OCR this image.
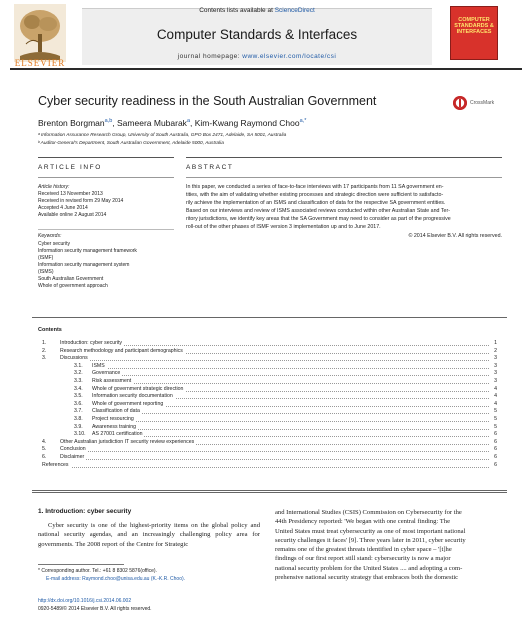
ELSEVIER
Contents lists available at ScienceDirect
Computer Standards & Interfaces
journal homepage: www.elsevier.com/locate/csi
COMPUTER STANDARDS & INTERFACES
Cyber security readiness in the South Australian Government	CrossMark
Brenton Borgman$^{a,b}$, Sameera Mubarak$^a$, Kim-Kwang Raymond Choo$^{a,*}$
ᵃ Information Assurance Research Group, University of South Australia, GPO Box 2471, Adelaide, SA 5001, Australia
ᵇ Auditor-General's Department, South Australian Government, Adelaide 5000, Australia
ARTICLE INFO	ABSTRACT
Article history:
Received 13 November 2013
Received in revised form 29 May 2014
Accepted 4 June 2014
Available online 2 August 2014
Keywords:
Cyber security
Information security management framework
(ISMF)
Information security management system
(ISMS)
South Australian Government
Whole of government approach
In this paper, we conducted a series of face-to-face interviews with 17 participants from 11 SA government en-
tities, with the aim of validating whether existing processes and strategic direction were sufficient to satisfacto-
rily achieve the implementation of an ISMS and classification of data for the respective SA government entities.
Based on our interviews and review of ISMS associated reviews conducted within other Australian State and Ter-
ritory jurisdictions, we identify key areas that the SA Government may need to consider as part of the progressive
roll-out of the other phases of ISMF version 3 implementation up and to June 2017.
© 2014 Elsevier B.V. All rights reserved.
Contents
1.	Introduction: cyber security	1
2.	Research methodology and participant demographics	2
3.	Discussions	3
3.1. ISMS	3
3.2. Governance	3
3.3. Risk assessment	3
3.4. Whole of government strategic direction	4
3.5. Information security documentation	4
3.6. Whole of government reporting	4
3.7. Classification of data	5
3.8. Project resourcing	5
3.9. Awareness training	5
3.10. AS 27001 certification	6
4.	Other Australian jurisdiction IT security review experiences	6
5.	Conclusion	6
6.	Disclaimer	6
References	6
1. Introduction: cyber security
Cyber security is one of the highest-priority items on the global policy and national security agendas, and an increasingly challenging policy area for governments. The 2008 report of the Centre for Strategic
and International Studies (CSIS) Commission on Cybersecurity for the
44th Presidency reported: 'We began with one central finding: The
United States must treat cybersecurity as one of most important national
security challenges it faces' [9]. Three years later in 2011, cyber security
remains one of the greatest threats identified in cyber space – '[t]he
findings of our first report still stand: cybersecurity is now a major
national security problem for the United States .... and adopting a com-
prehensive national security strategy that embraces both the domestic
* Corresponding author. Tel.: +61 8 8302 5876(office).
E-mail address: Raymond.choo@unisa.edu.au (K.-K.R. Choo).
http://dx.doi.org/10.1016/j.csi.2014.06.002
0920-5489/© 2014 Elsevier B.V. All rights reserved.
